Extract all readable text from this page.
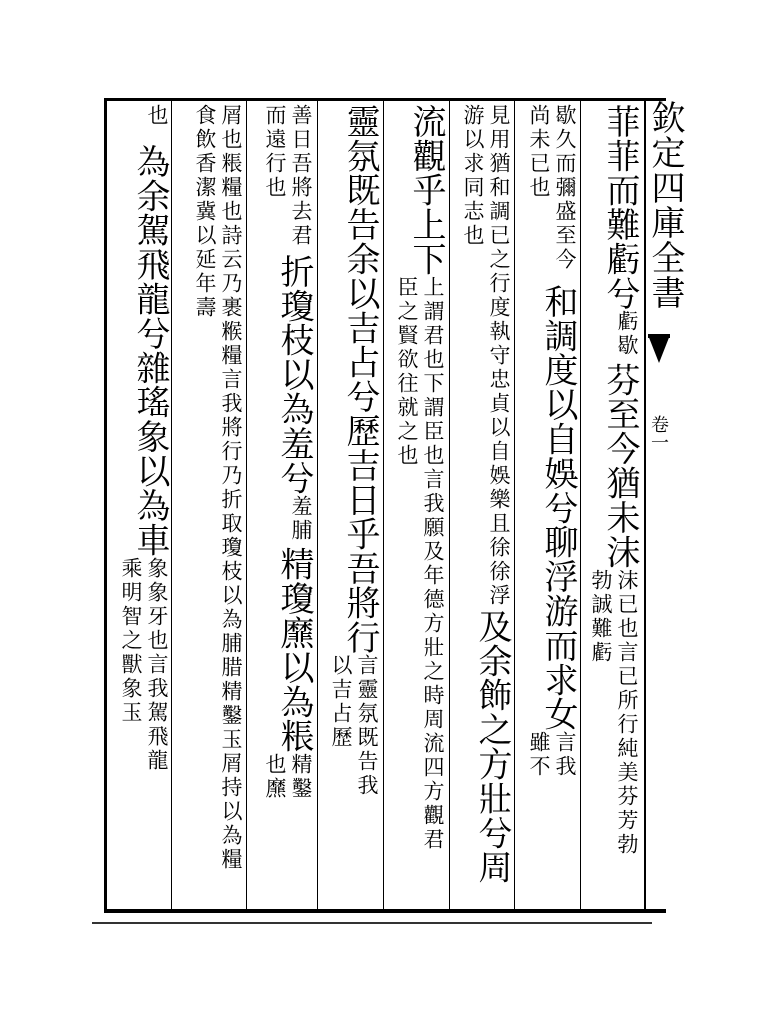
欽定四庫全書
卷一
菲菲而難虧兮虧歇芬至今猶未沫沫已也言已所行純美芬芳勃勃誠難虧
歇久而彌盛至今尚未已也和調度以自娛兮聊浮游而求女言我雖不
見用猶和調已之行度執守忠貞以自娛樂且徐徐浮游以求同志也及余飾之方壯兮周
流觀乎上下上謂君也下謂臣也言我願及年德方壯之時周流四方觀君臣之賢欲往就之也
靈氛既告余以吉占兮歷吉日乎吾將行言靈氛既告我以吉占歷
善日吾將去君而遠行也折瓊枝以為羞兮羞脯精瓊爢以為粻精鑿也爢
屑也粻糧也詩云乃裹糇糧言我將行乃折取瓊枝以為脯腊精鑿玉屑持以為糧食飲香潔冀以延年壽
也為余駕飛龍兮雜瑤象以為車象象牙也言我駕飛龍乘明智之獸象玉
